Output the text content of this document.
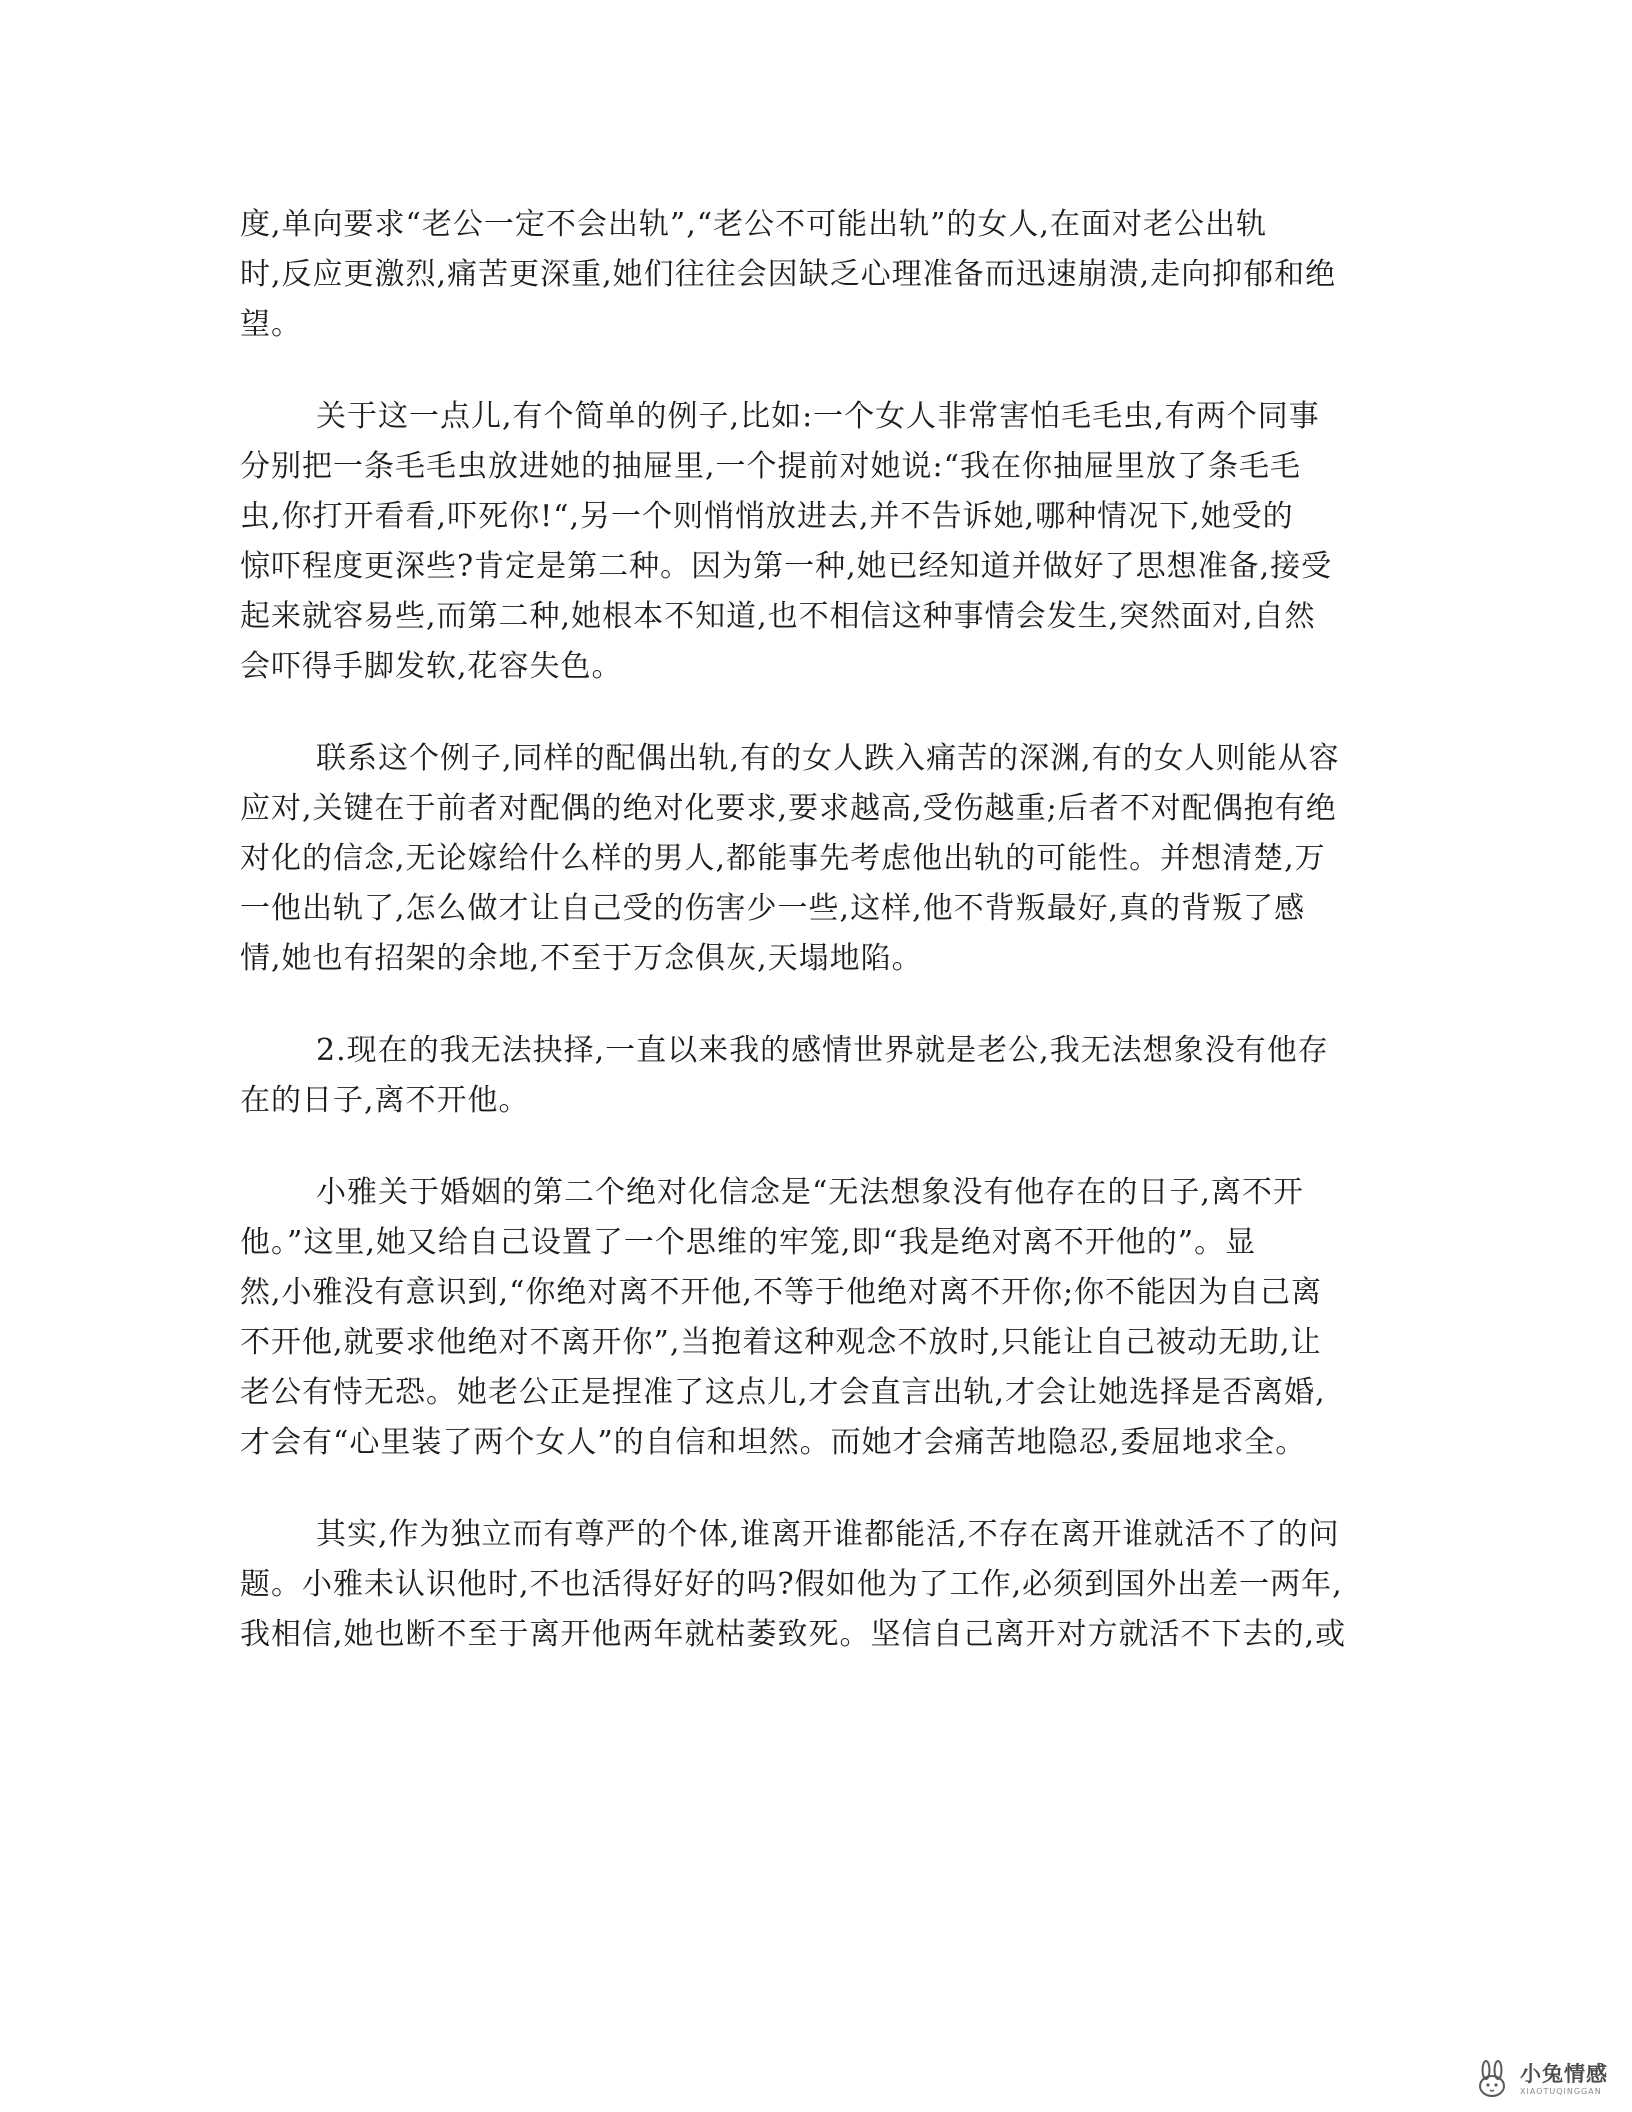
度,单向要求“老公一定不会出轨”,“老公不可能出轨”的女人,在面对老公出轨
时,反应更激烈,痛苦更深重,她们往往会因缺乏心理准备而迅速崩溃,走向抑郁和绝
望。

关于这一点儿,有个简单的例子,比如:一个女人非常害怕毛毛虫,有两个同事
分别把一条毛毛虫放进她的抽屉里,一个提前对她说:“我在你抽屉里放了条毛毛
虫,你打开看看,吓死你!“,另一个则悄悄放进去,并不告诉她,哪种情况下,她受的
惊吓程度更深些?肯定是第二种。因为第一种,她已经知道并做好了思想准备,接受
起来就容易些,而第二种,她根本不知道,也不相信这种事情会发生,突然面对,自然
会吓得手脚发软,花容失色。

联系这个例子,同样的配偶出轨,有的女人跌入痛苦的深渊,有的女人则能从容
应对,关键在于前者对配偶的绝对化要求,要求越高,受伤越重;后者不对配偶抱有绝
对化的信念,无论嫁给什么样的男人,都能事先考虑他出轨的可能性。并想清楚,万
一他出轨了,怎么做才让自己受的伤害少一些,这样,他不背叛最好,真的背叛了感
情,她也有招架的余地,不至于万念俱灰,天塌地陷。

2.现在的我无法抉择,一直以来我的感情世界就是老公,我无法想象没有他存
在的日子,离不开他。

小雅关于婚姻的第二个绝对化信念是“无法想象没有他存在的日子,离不开
他。”这里,她又给自己设置了一个思维的牢笼,即“我是绝对离不开他的”。显
然,小雅没有意识到,“你绝对离不开他,不等于他绝对离不开你;你不能因为自己离
不开他,就要求他绝对不离开你”,当抱着这种观念不放时,只能让自己被动无助,让
老公有恃无恐。她老公正是捏准了这点儿,才会直言出轨,才会让她选择是否离婚,
才会有“心里装了两个女人”的自信和坦然。而她才会痛苦地隐忍,委屈地求全。

其实,作为独立而有尊严的个体,谁离开谁都能活,不存在离开谁就活不了的问
题。小雅未认识他时,不也活得好好的吗?假如他为了工作,必须到国外出差一两年,
我相信,她也断不至于离开他两年就枯萎致死。坚信自己离开对方就活不下去的,或

小兔情感
XIAOTUQINGGAN
